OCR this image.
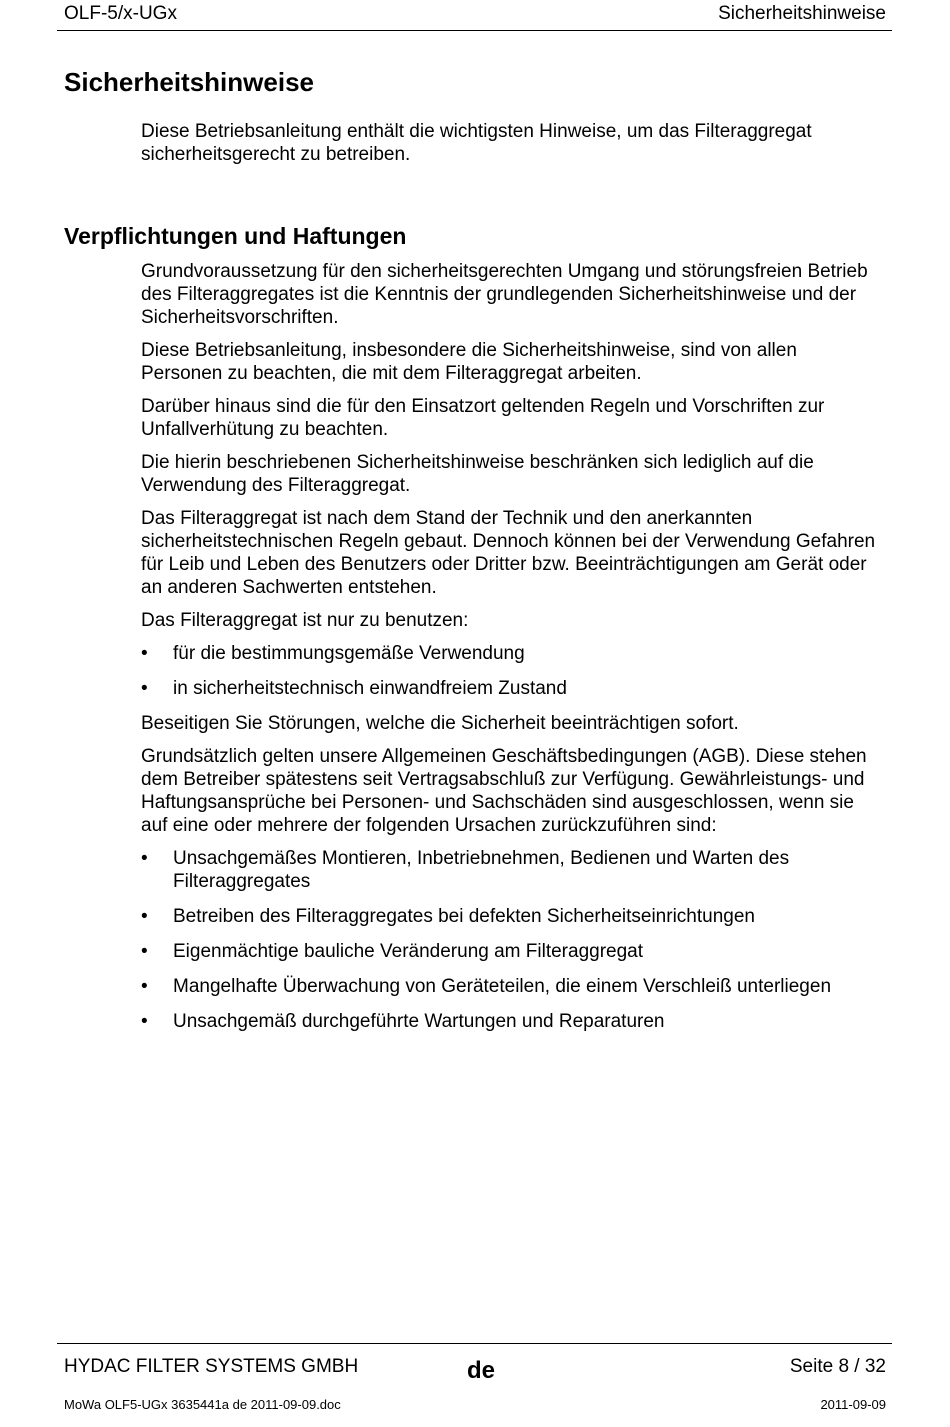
OLF-5/x-UGx	Sicherheitshinweise
Sicherheitshinweise

Diese Betriebsanleitung enthält die wichtigsten Hinweise, um das Filteraggregat sicherheitsgerecht zu betreiben.

Verpflichtungen und Haftungen

Grundvoraussetzung für den sicherheitsgerechten Umgang und störungsfreien Betrieb des Filteraggregates ist die Kenntnis der grundlegenden Sicherheitshinweise und der Sicherheitsvorschriften.

Diese Betriebsanleitung, insbesondere die Sicherheitshinweise, sind von allen Personen zu beachten, die mit dem Filteraggregat arbeiten.

Darüber hinaus sind die für den Einsatzort geltenden Regeln und Vorschriften zur Unfallverhütung zu beachten.

Die hierin beschriebenen Sicherheitshinweise beschränken sich lediglich auf die Verwendung des Filteraggregat.

Das Filteraggregat ist nach dem Stand der Technik und den anerkannten sicherheitstechnischen Regeln gebaut. Dennoch können bei der Verwendung Gefahren für Leib und Leben des Benutzers oder Dritter bzw. Beeinträchtigungen am Gerät oder an anderen Sachwerten entstehen.

Das Filteraggregat ist nur zu benutzen:

• für die bestimmungsgemäße Verwendung
• in sicherheitstechnisch einwandfreiem Zustand

Beseitigen Sie Störungen, welche die Sicherheit beeinträchtigen sofort.

Grundsätzlich gelten unsere Allgemeinen Geschäftsbedingungen (AGB). Diese stehen dem Betreiber spätestens seit Vertragsabschluß zur Verfügung. Gewährleistungs- und Haftungsansprüche bei Personen- und Sachschäden sind ausgeschlossen, wenn sie auf eine oder mehrere der folgenden Ursachen zurückzuführen sind:

• Unsachgemäßes Montieren, Inbetriebnehmen, Bedienen und Warten des Filteraggregates
• Betreiben des Filteraggregates bei defekten Sicherheitseinrichtungen
• Eigenmächtige bauliche Veränderung am Filteraggregat
• Mangelhafte Überwachung von Geräteteilen, die einem Verschleiß unterliegen
• Unsachgemäß durchgeführte Wartungen und Reparaturen
HYDAC FILTER SYSTEMS GMBH	de	Seite 8 / 32
MoWa OLF5-UGx 3635441a de 2011-09-09.doc	2011-09-09
